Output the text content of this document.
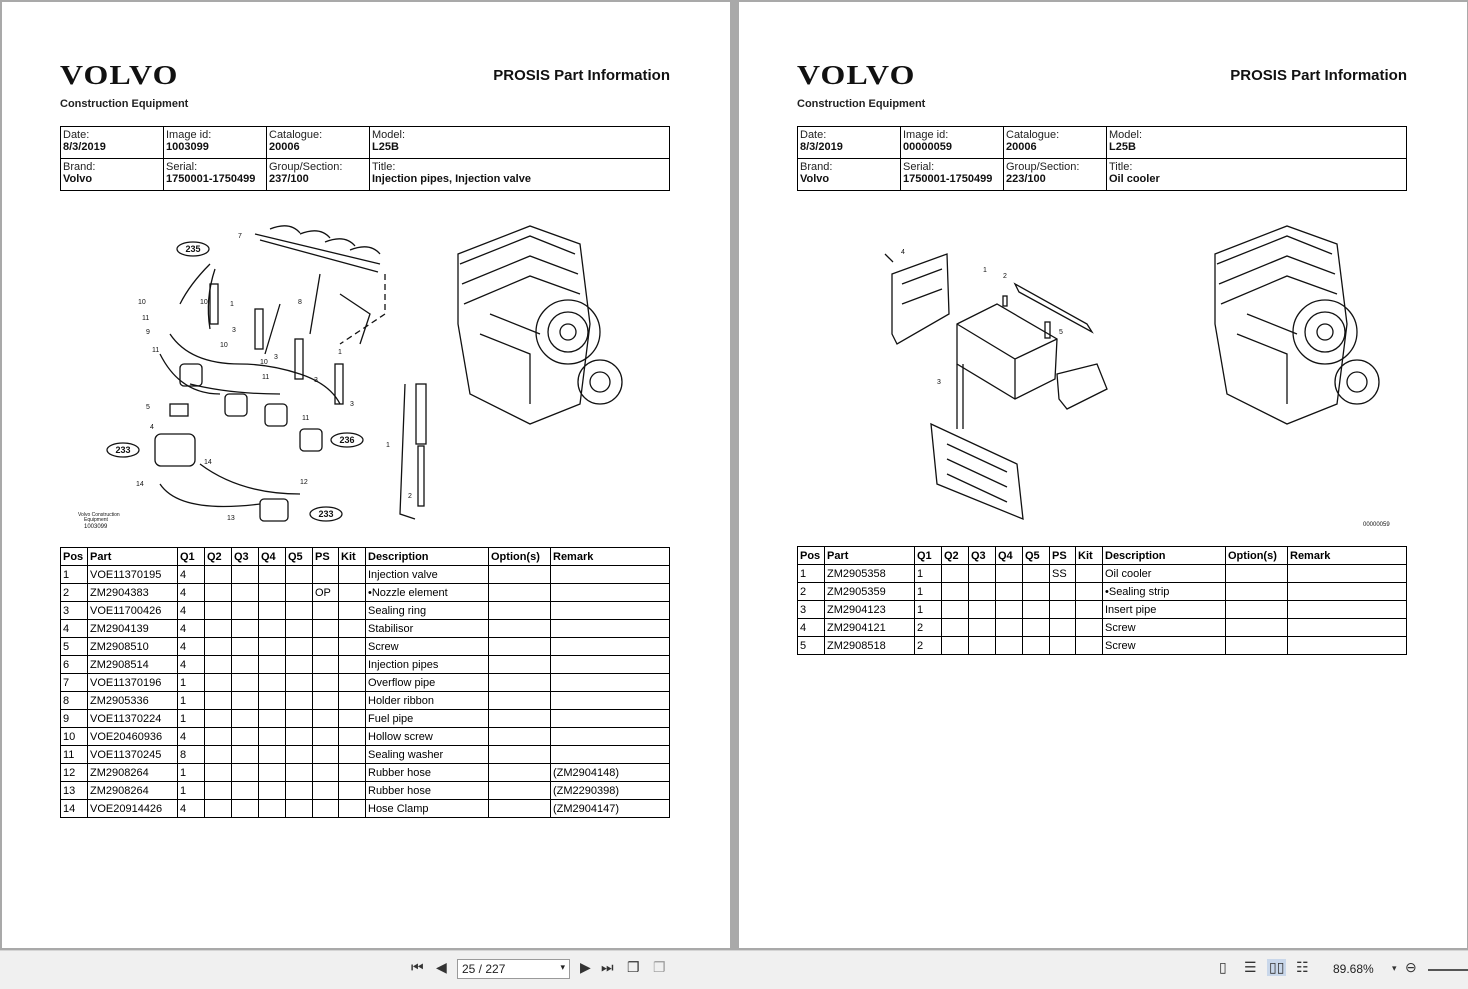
VOLVO
Construction Equipment
PROSIS Part Information
Date:
8/3/2019	Image id:
1003099	Catalogue:
20006	Model:
L25B

Brand:
Volvo	Serial:
1750001-1750499	Group/Section:
237/100	Title:
Injection pipes, Injection valve
235
233
236
233
7
8
10
11
9
10	1
3
10
3
11
3
5
4
14
14
13
12
1
2
11
10
11
1
3
Volvo Construction
Equipment
1003099
Pos	Part	Q1	Q2	Q3	Q4	Q5	PS	Kit	Description	Option(s)	Remark
1	VOE11370195	4							Injection valve		
2	ZM2904383	4					OP		•Nozzle element		
3	VOE11700426	4							Sealing ring		
4	ZM2904139	4							Stabilisor		
5	ZM2908510	4							Screw		
6	ZM2908514	4							Injection pipes		
7	VOE11370196	1							Overflow pipe		
8	ZM2905336	1							Holder ribbon		
9	VOE11370224	1							Fuel pipe		
10	VOE20460936	4							Hollow screw		
11	VOE11370245	8							Sealing washer		
12	ZM2908264	1							Rubber hose		(ZM2904148)
13	ZM2908264	1							Rubber hose		(ZM2290398)
14	VOE20914426	4							Hose Clamp		(ZM2904147)
VOLVO
Construction Equipment
PROSIS Part Information
Date:
8/3/2019	Image id:
00000059	Catalogue:
20006	Model:
L25B

Brand:
Volvo	Serial:
1750001-1750499	Group/Section:
223/100	Title:
Oil cooler
4
1
2
5
3
00000059
Pos	Part	Q1	Q2	Q3	Q4	Q5	PS	Kit	Description	Option(s)	Remark
1	ZM2905358	1					SS		Oil cooler		
2	ZM2905359	1							•Sealing strip		
3	ZM2904123	1							Insert pipe		
4	ZM2904121	2							Screw		
5	ZM2908518	2							Screw		
⏮ ◀	25 / 227	▾ ▶ ⏭ ❐ ❐	▯ ☰ ▯▯ ☷ 89.68% ▾ ⊖
